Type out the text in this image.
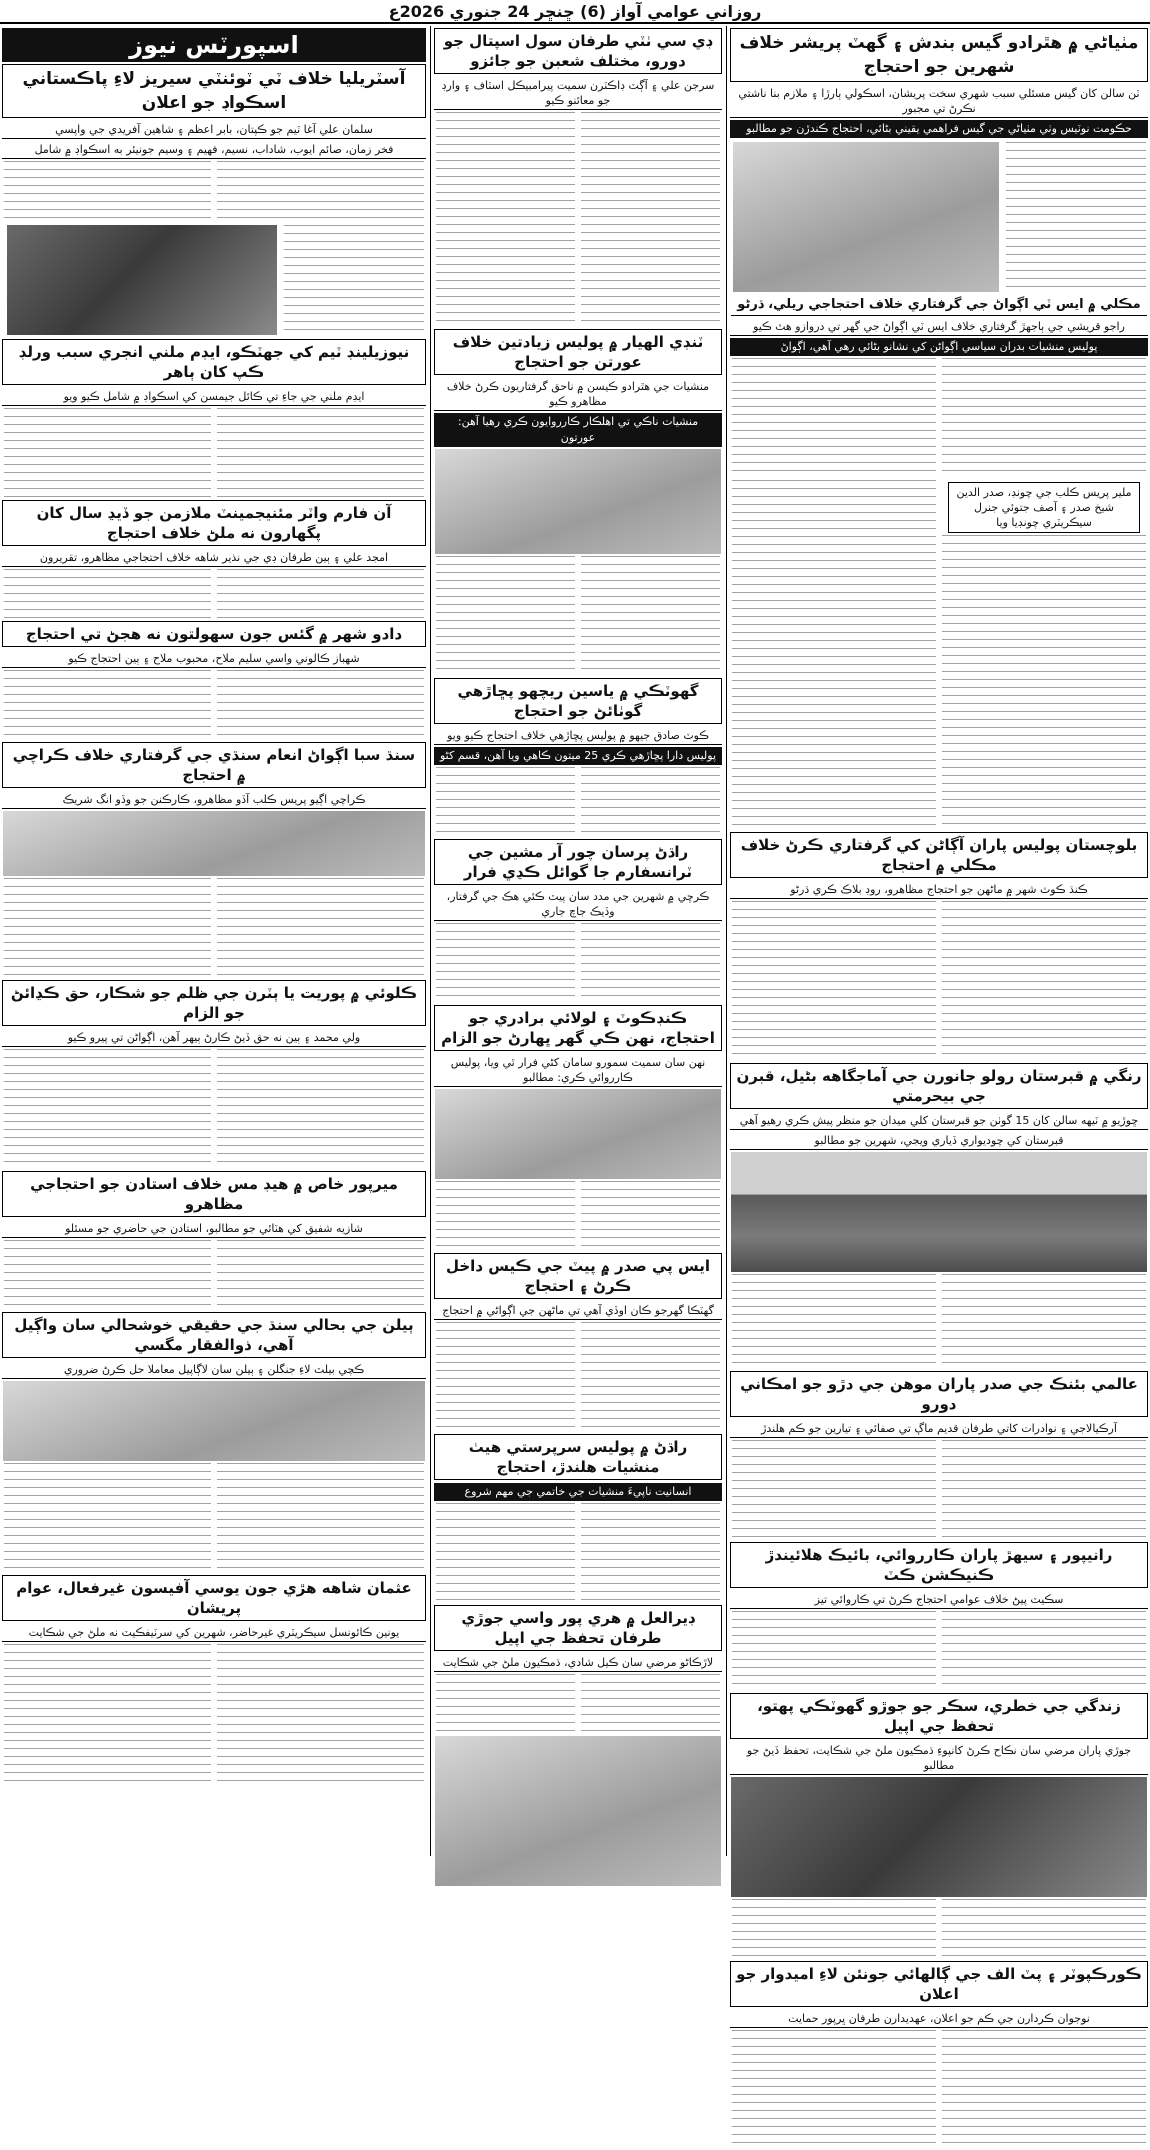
روزاني عوامي آواز (6) ڇنڇر 24 جنوري 2026ع
مٺياڻي ۾ هٿرادو گيس بندش ۽ گهٽ پريشر خلاف شهرين جو احتجاج
ٽن سالن کان گيس مسئلي سبب شهري سخت پريشان، اسڪولي ٻارڙا ۽ ملازم بنا ناشتي نڪرڻ تي مجبور
حڪومت نوٽيس وٺي مٺياڻي جي گيس فراهمي يقيني بڻائي، احتجاج ڪندڙن جو مطالبو
مڪلي ۾ ايس ٽي اڳواڻ جي گرفتاري خلاف احتجاجي ريلي، ڌرڻو
راجو قريشي جي ٻاجهڙ گرفتاري خلاف ايس ٽي اڳواڻ جي گهر تي دروازو هٿ ڪيو
پوليس منشيات بدران سياسي اڳواڻن کي نشانو بڻائي رهي آهي، اڳواڻ
ملير پريس ڪلب جي چونڊ، صدر الدين شيخ صدر ۽ آصف جتوئي جنرل سيڪريٽري چونڊيا ويا
بلوچستان پوليس پاران آڳاڻن کي گرفتاري ڪرڻ خلاف مڪلي ۾ احتجاج
ڪنڌ ڪوٽ شهر ۾ ماڻهن جو احتجاج مظاهرو، روڊ بلاڪ ڪري ڌرڻو
رنگي ۾ قبرستان رولو جانورن جي آماجگاهه بڻيل، قبرن جي بيحرمتي
ڇوڙيو ۾ ٽيهه سالن کان 15 گوٺن جو قبرستان کلي ميدان جو منظر پيش ڪري رهيو آهي
قبرستان کي چوديواري ڏياري ويجي، شهرين جو مطالبو
عالمي بئنڪ جي صدر پاران موهن جي دڙو جو امڪاني دورو
آرڪيالاجي ۽ نوادرات کاتي طرفان قديم ماڳ تي صفائي ۽ تيارين جو ڪم هلندڙ
رانيپور ۽ سيهڙ پاران ڪارروائي، بائيڪ هلائيندڙ ڪنيڪشن ڪٽ
سڪيٽ پيڻ خلاف عوامي احتجاج ڪرڻ تي ڪاروائي تيز
زندگي جي خطري، سڪر جو جوڙو گهوٽڪي پهتو، تحفظ جي اپيل
جوڙي پاران مرضي سان نڪاح ڪرڻ کانپوءِ ڌمڪيون ملڻ جي شڪايت، تحفظ ڏيڻ جو مطالبو
ڪورڪپوٽر ۽ پٽ الف جي ڳالهائي جونئن لاءِ اميدوار جو اعلان
نوجوان ڪردارن جي ڪم جو اعلان، عهديدارن طرفان ڀرپور حمايت
ڊي سي ٺٽي طرفان سول اسپتال جو دورو، مختلف شعبن جو جائزو
سرجن علي ۽ آڳٽ ڊاڪٽرن سميت پيرامبيڪل اسٽاف ۽ وارڊ جو معائنو ڪيو
ٽنڊي الهيار ۾ پوليس زيادتين خلاف عورتن جو احتجاج
منشيات جي هٿرادو ڪيسن ۾ ناحق گرفتاريون ڪرڻ خلاف مظاهرو ڪيو
منشيات ناڪي تي اهلڪار ڪارروايون ڪري رهيا آهن: عورتون
گهوٽڪي ۾ ياسين ريچهو پڇاڙهي گوٺائڻ جو احتجاج
ڪوٽ صادق جيهو ۾ پوليس پڇاڙهي خلاف احتجاج ڪيو ويو
پوليس دارا پڇاڙهي ڪري 25 ميتون ڪاهي ويا آهن، قسم کڻو
راڌڻ پرسان چور آر مشين جي ٽرانسفارم جا گوائل ڪڍي فرار
ڪرڇي ۾ شهرين جي مدد سان پيٽ ڪئي هڪ جي گرفتار، وڏيڪ جاچ جاري
ڪنڊڪوٽ ۽ لولائي برادري جو احتجاج، نهن ڪي گهر ڀهارڻ جو الزام
نهن سان سميت سمورو سامان کڻي فرار ٿي ويا، پوليس ڪارروائي ڪري: مطالبو
ايس پي صدر ۾ پيٽ جي ڪيس داخل ڪرڻ ۽ احتجاج
گهٽڪا گهرجو ڪان اوڏي آهي تي ماڻهن جي اڳواڻي ۾ احتجاج
راڌڻ ۾ پوليس سرپرستي هيٺ منشيات هلندڙ، احتجاج
انسانيت ناپيءَ منشيات جي خاتمي جي مهم شروع
ڊيرالعل ۾ هري پور واسي جوڙي طرفان تحفظ جي اپيل
لاڙڪاڻو مرضي سان ڪيل شادي، ڌمڪيون ملڻ جي شڪايت
اسپورٽس نيوز
آسٽريليا خلاف ٽي ٽوئنٽي سيريز لاءِ پاڪستاني اسڪواڊ جو اعلان
سلمان علي آغا ٽيم جو ڪپتان، بابر اعظم ۽ شاهين آفريدي جي واپسي
فخر زمان، صائم ايوب، شاداب، نسيم، فهيم ۽ وسيم جونيئر به اسڪواڊ ۾ شامل
نيوزيلينڊ ٽيم کي جهٽڪو، ايڊم ملني انجري سبب ورلڊ ڪپ کان ٻاهر
ايڊم ملني جي جاءِ تي ڪائل جيمسن کي اسڪواڊ ۾ شامل ڪيو ويو
آن فارم واٽر مئنيجمينٽ ملازمن جو ڏيڍ سال کان پگهارون نه ملڻ خلاف احتجاج
امجد علي ۽ ٻين طرفان ڊي جي نذير شاهه خلاف احتجاجي مظاهرو، تقريرون
دادو شهر ۾ گئس جون سهولتون نه هجڻ تي احتجاج
شهباز ڪالوني واسي سليم ملاح، محبوب ملاح ۽ ٻين احتجاج ڪيو
سنڌ سبا اڳواڻ انعام سنڌي جي گرفتاري خلاف ڪراچي ۾ احتجاج
ڪراچي اڳيو پريس ڪلب آڏو مظاهرو، ڪارڪنن جو وڏو انگ شريڪ
ڪلوئي ۾ پوريت يا ٻٽرن جي ظلم جو شڪار، حق ڪڍائڻ جو الزام
ولي محمد ۽ ٻين نه حق ڏيڻ ڪارڻ ٻيهر آهن، اڳواڻن تي پيرو ڪيو
ميرپور خاص ۾ هيڊ مس خلاف استادن جو احتجاجي مظاهرو
شازيه شفيق کي هٽائي جو مطالبو، استادن جي حاضري جو مسئلو
ٻيلن جي بحالي سنڌ جي حقيقي خوشحالي سان واڳيل آهي، ذوالفقار مگسي
ڪچي بيلٽ لاءِ جنگلن ۽ ٻيلن سان لاڳاپيل معاملا حل ڪرڻ ضروري
عثمان شاهه هڙي جون يوسي آفيسون غيرفعال، عوام پريشان
يونين ڪائونسل سيڪريٽري غيرحاضر، شهرين کي سرٽيفڪيٽ نه ملڻ جي شڪايت
